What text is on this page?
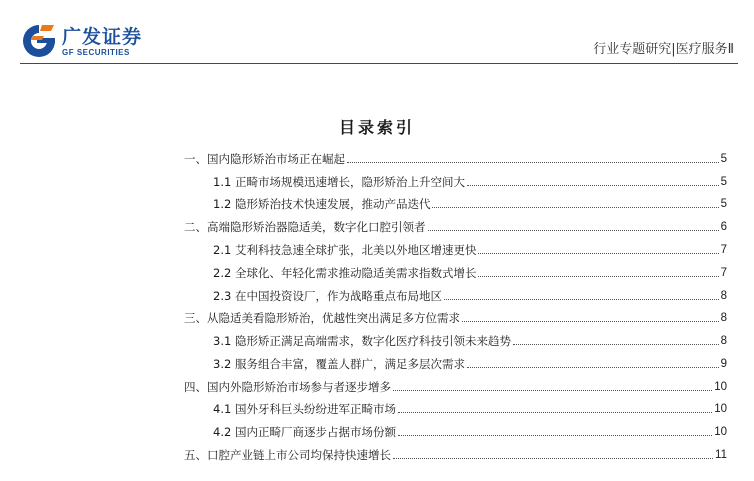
广发证券
GF SECURITIES	行业专题研究|医疗服务Ⅱ
目录索引
一、国内隐形矫治市场正在崛起	5
1.1 正畸市场规模迅速增长，隐形矫治上升空间大	5
1.2 隐形矫治技术快速发展，推动产品迭代	5
二、高端隐形矫治器隐适美，数字化口腔引领者	6
2.1 艾利科技急速全球扩张，北美以外地区增速更快	7
2.2 全球化、年轻化需求推动隐适美需求指数式增长	7
2.3 在中国投资设厂，作为战略重点布局地区	8
三、从隐适美看隐形矫治，优越性突出满足多方位需求	8
3.1 隐形矫正满足高端需求，数字化医疗科技引领未来趋势	8
3.2 服务组合丰富，覆盖人群广，满足多层次需求	9
四、国内外隐形矫治市场参与者逐步增多	10
4.1 国外牙科巨头纷纷进军正畸市场	10
4.2 国内正畸厂商逐步占据市场份额	10
五、口腔产业链上市公司均保持快速增长	11
